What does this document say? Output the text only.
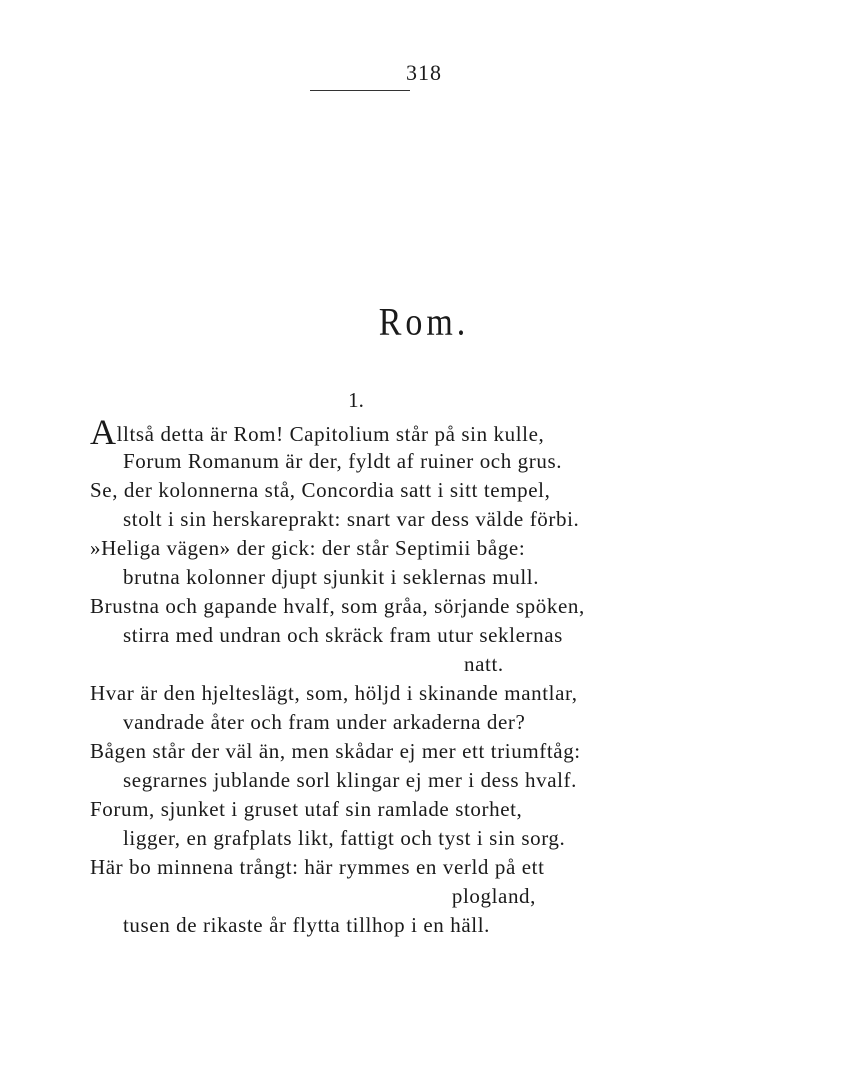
318
Rom.
1.
Alltså detta är Rom! Capitolium står på sin kulle,
Forum Romanum är der, fyldt af ruiner och grus.
Se, der kolonnerna stå, Concordia satt i sitt tempel,
stolt i sin herskareprakt: snart var dess välde förbi.
»Heliga vägen» der gick: der står Septimii båge:
brutna kolonner djupt sjunkit i seklernas mull.
Brustna och gapande hvalf, som gråa, sörjande spöken,
stirra med undran och skräck fram utur seklernas
natt.
Hvar är den hjelteslägt, som, höljd i skinande mantlar,
vandrade åter och fram under arkaderna der?
Bågen står der väl än, men skådar ej mer ett triumftåg:
segrarnes jublande sorl klingar ej mer i dess hvalf.
Forum, sjunket i gruset utaf sin ramlade storhet,
ligger, en grafplats likt, fattigt och tyst i sin sorg.
Här bo minnena trångt: här rymmes en verld på ett
plogland,
tusen de rikaste år flytta tillhop i en häll.
